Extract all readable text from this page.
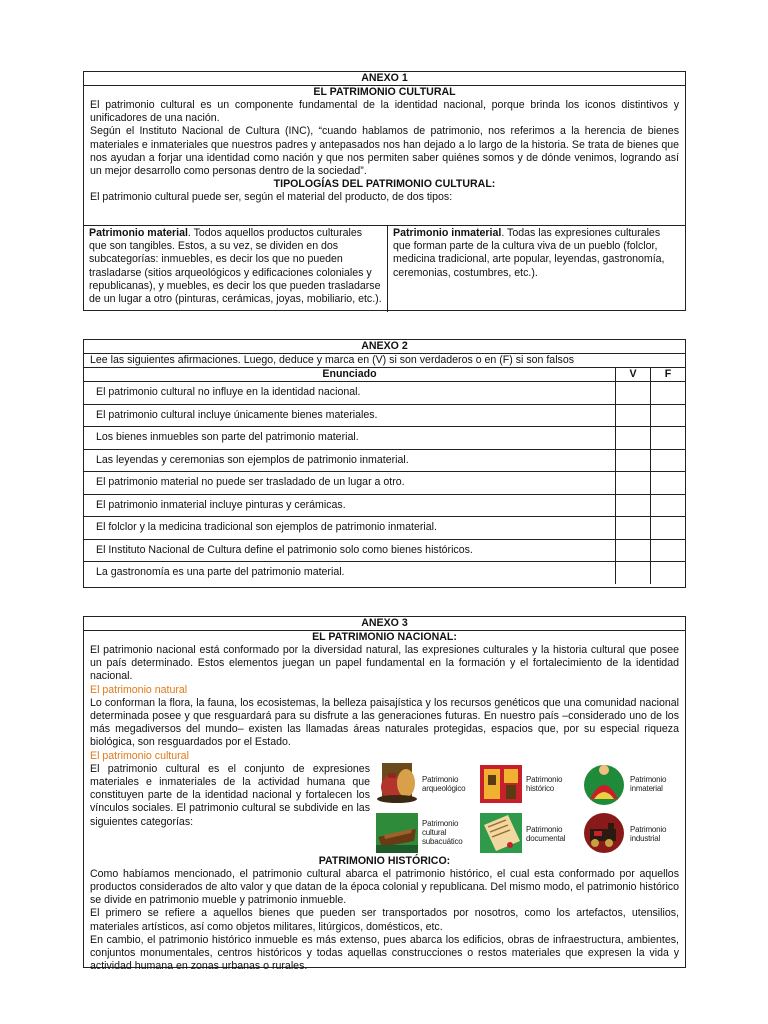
ANEXO 1
EL PATRIMONIO CULTURAL
El patrimonio cultural es un componente fundamental de la identidad nacional, porque brinda los iconos distintivos y unificadores de una nación.
Según el Instituto Nacional de Cultura (INC), “cuando hablamos de patrimonio, nos referimos a la herencia de bienes materiales e inmateriales que nuestros padres y antepasados nos han dejado a lo largo de la historia. Se trata de bienes que nos ayudan a forjar una identidad como nación y que nos permiten saber quiénes somos y de dónde venimos, logrando así un mejor desarrollo como personas dentro de la sociedad”.
TIPOLOGÍAS DEL PATRIMONIO CULTURAL:
El patrimonio cultural puede ser, según el material del producto, de dos tipos:
Patrimonio material. Todos aquellos productos culturales que son tangibles. Estos, a su vez, se dividen en dos subcategorías: inmuebles, es decir los que no pueden trasladarse (sitios arqueológicos y edificaciones coloniales y republicanas), y muebles, es decir los que pueden trasladarse de un lugar a otro (pinturas, cerámicas, joyas, mobiliario, etc.).
Patrimonio inmaterial. Todas las expresiones culturales que forman parte de la cultura viva de un pueblo (folclor, medicina tradicional, arte popular, leyendas, gastronomía, ceremonias, costumbres, etc.).
ANEXO 2
Lee las siguientes afirmaciones. Luego, deduce y marca en (V) si son verdaderos o en (F) si son falsos
Enunciado	V	F
El patrimonio cultural no influye en la identidad nacional.		
El patrimonio cultural incluye únicamente bienes materiales.		
Los bienes inmuebles son parte del patrimonio material.		
Las leyendas y ceremonias son ejemplos de patrimonio inmaterial.		
El patrimonio material no puede ser trasladado de un lugar a otro.		
El patrimonio inmaterial incluye pinturas y cerámicas.		
El folclor y la medicina tradicional son ejemplos de patrimonio inmaterial.		
El Instituto Nacional de Cultura define el patrimonio solo como bienes históricos.		
La gastronomía es una parte del patrimonio material.		
ANEXO 3
EL PATRIMONIO NACIONAL:
El patrimonio nacional está conformado por la diversidad natural, las expresiones culturales y la historia cultural que posee un país determinado. Estos elementos juegan un papel fundamental en la formación y el fortalecimiento de la identidad nacional.
El patrimonio natural
Lo conforman la flora, la fauna, los ecosistemas, la belleza paisajística y los recursos genéticos que una comunidad nacional determinada posee y que resguardará para su disfrute a las generaciones futuras. En nuestro país –considerado uno de los más megadiversos del mundo– existen las llamadas áreas naturales protegidas, espacios que, por su especial riqueza biológica, son resguardados por el Estado.
El patrimonio cultural
El patrimonio cultural es el conjunto de expresiones materiales e inmateriales de la actividad humana que constituyen parte de la identidad nacional y fortalecen los vínculos sociales. El patrimonio cultural se subdivide en las siguientes categorías:
Patrimonio
arqueológico
Patrimonio
histórico
Patrimonio
inmaterial
Patrimonio
cultural
subacuático
Patrimonio
documental
Patrimonio
industrial
PATRIMONIO HISTÓRICO:
Como habíamos mencionado, el patrimonio cultural abarca el patrimonio histórico, el cual esta conformado por aquellos productos considerados de alto valor y que datan de la época colonial y republicana. Del mismo modo, el patrimonio histórico se divide en patrimonio mueble y patrimonio inmueble.
El primero se refiere a aquellos bienes que pueden ser transportados por nosotros, como los artefactos, utensilios, materiales artísticos, así como objetos militares, litúrgicos, domésticos, etc.
En cambio, el patrimonio histórico inmueble es más extenso, pues abarca los edificios, obras de infraestructura, ambientes, conjuntos monumentales, centros históricos y todas aquellas construcciones o restos materiales que expresen la vida y actividad humana en zonas urbanas o rurales.
